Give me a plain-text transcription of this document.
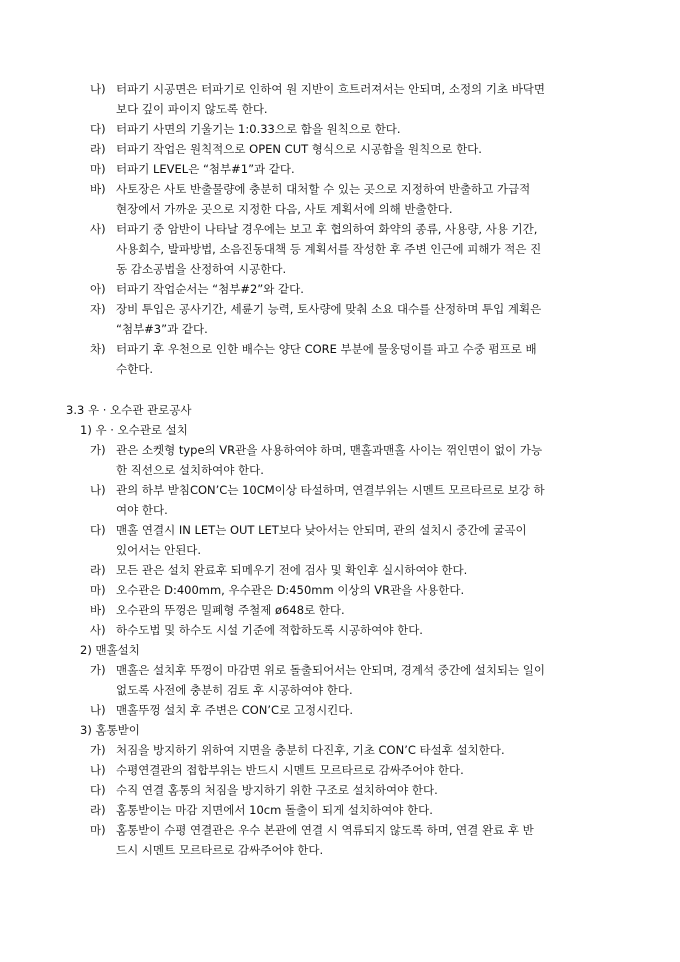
나) 터파기 시공면은 터파기로 인하여 원 지반이 흐트러져서는 안되며, 소정의 기초 바닥면
보다 깊이 파이지 않도록 한다.
다) 터파기 사면의 기울기는 1:0.33으로 함을 원칙으로 한다.
라) 터파기 작업은 원칙적으로 OPEN CUT 형식으로 시공함을 원칙으로 한다.
마) 터파기 LEVEL은 “첨부#1”과 같다.
바) 사토장은 사토 반출물량에 충분히 대처할 수 있는 곳으로 지정하여 반출하고 가급적
현장에서 가까운 곳으로 지정한 다음, 사토 계획서에 의해 반출한다.
사) 터파기 중 암반이 나타날 경우에는 보고 후 협의하여 화약의 종류, 사용량, 사용 기간,
사용회수, 발파방법, 소음진동대책 등 계획서를 작성한 후 주변 인근에 피해가 적은 진
동 감소공법을 산정하여 시공한다.
아) 터파기 작업순서는 “첨부#2”와 같다.
자) 장비 투입은 공사기간, 세륜기 능력, 토사량에 맞춰 소요 대수를 산정하며 투입 계획은
“첨부#3”과 같다.
차) 터파기 후 우천으로 인한 배수는 양단 CORE 부분에 물웅덩이를 파고 수중 펌프로 배
수한다.
3.3 우 · 오수관 관로공사
1) 우 · 오수관로 설치
가) 관은 소켓형 type의 VR관을 사용하여야 하며, 맨홀과맨홀 사이는 꺾인면이 없이 가능
한 직선으로 설치하여야 한다.
나) 관의 하부 받침CON’C는 10CM이상 타설하며, 연결부위는 시멘트 모르타르로 보강 하
여야 한다.
다) 맨홀 연결시 IN LET는 OUT LET보다 낮아서는 안되며, 관의 설치시 중간에 굴곡이
있어서는 안된다.
라) 모든 관은 설치 완료후 되메우기 전에 검사 및 확인후 실시하여야 한다.
마) 오수관은 D:400mm, 우수관은 D:450mm 이상의 VR관을 사용한다.
바) 오수관의 뚜껑은 밀폐형 주철제 ø648로 한다.
사) 하수도법 및 하수도 시설 기준에 적합하도록 시공하여야 한다.
2) 맨홀설치
가) 맨홀은 설치후 뚜껑이 마감면 위로 돌출되어서는 안되며, 경계석 중간에 설치되는 일이
없도록 사전에 충분히 검토 후 시공하여야 한다.
나) 맨홀뚜껑 설치 후 주변은 CON’C로 고정시킨다.
3) 홈통받이
가) 처짐을 방지하기 위하여 지면을 충분히 다진후, 기초 CON’C 타설후 설치한다.
나) 수평연결관의 접합부위는 반드시 시멘트 모르타르로 감싸주어야 한다.
다) 수직 연결 홈통의 처짐을 방지하기 위한 구조로 설치하여야 한다.
라) 홈통받이는 마감 지면에서 10cm 돌출이 되게 설치하여야 한다.
마) 홈통받이 수평 연결관은 우수 본관에 연결 시 역류되지 않도록 하며, 연결 완료 후 반
드시 시멘트 모르타르로 감싸주어야 한다.
